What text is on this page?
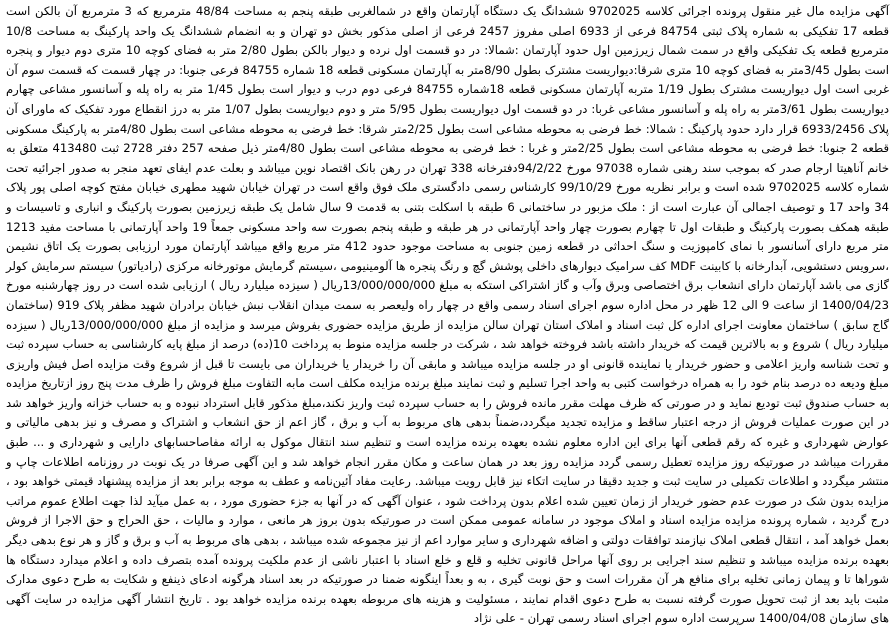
آگهی مزایده مال غیر منقول پرونده اجرائی کلاسه 9702025 ششدانگ یک دستگاه آپارتمان واقع در شمالغربی طبقه پنجم به مساحت 48/84 مترمربع که 3 مترمربع آن بالکن است قطعه 17 تفکیکی به شماره پلاک ثبتی 84754 فرعی از 6933 اصلی مفروز 2457 فرعی از اصلی مذکور بخش دو تهران و به انضمام ششدانگ یک واحد پارکینگ به مساحت 10/8 مترمربع قطعه یک تفکیکی واقع در سمت شمال زیرزمین اول حدود آپارتمان :شمالا: در دو قسمت اول نرده و دیوار بالکن بطول 2/80 متر به فضای کوچه 10 متری دوم دیوار و پنجره است بطول 3/45متر به فضای کوچه 10 متری شرقا:دیواریست مشترک بطول 8/90متر به آپارتمان مسکونی قطعه 18 شماره 84755 فرعی جنوبا: در چهار قسمت که قسمت سوم آن غربی است اول دیواریست مشترک بطول 1/19 متربه آپارتمان مسکونی قطعه 18شماره 84755 فرعی دوم درب و دیوار است بطول 1/45 متر به راه پله و آسانسور مشاعی چهارم دیواریست بطول 3/61متر به راه پله و آسانسور مشاعی غربا: در دو قسمت اول دیواریست بطول 5/95 متر و دوم دیواریست بطول 1/07 متر به درز انقطاع مورد تفکیک که ماورای آن پلاک 6933/2456 قرار دارد حدود پارکینگ : شمالا: خط فرضی به محوطه مشاعی است بطول 2/25متر شرقا: خط فرضی به محوطه مشاعی است بطول 4/80متر به پارکینگ مسکونی قطعه 2 جنوبا: خط فرضی به محوطه مشاعی است بطول 2/25متر و غربا : خط فرضی به محوطه مشاعی است بطول 4/80متر ذیل صفحه 257 دفتر 2728 ثبت 413480 متعلق به خانم آناهیتا ارجام صدر که بموجب سند رهنی شماره 97038 مورخ 94/2/22دفترخانه 338 تهران در رهن بانک اقتصاد نوین میباشد و بعلت عدم ایفای تعهد منجر به صدور اجرائیه تحت شماره کلاسه 9702025 شده است و برابر نظریه مورخ 99/10/29 کارشناس رسمی دادگستری ملک فوق واقع است در تهران خیابان شهید مطهری خیابان مفتح کوچه اصلی پور پلاک 34 واحد 17 و توصیف اجمالی آن عبارت است از : ملک مزبور در ساختمانی 6 طبقه با اسکلت بتنی به قدمت 9 سال شامل یک طبقه زیرزمین بصورت پارکینگ و انباری و تاسیسات و طبقه همکف بصورت پارکینگ و طبقات اول تا چهارم بصورت چهار واحد آپارتمانی در هر طبقه و طبقه پنجم بصورت سه واحد مسکونی جمعاً 19 واحد آپارتمانی با مساحت مفید 1213 متر مربع دارای آسانسور با نمای کامپوزیت و سنگ احداثی در قطعه زمین جنوبی به مساحت موجود حدود 412 متر مربع واقع میباشد آپارتمان مورد ارزیابی بصورت یک اتاق نشیمن ،سرویس دستشویی، آبدارخانه با کابینت MDF کف سرامیک دیوارهای داخلی پوشش گچ و رنگ پنجره ها آلومینیومی ،سیستم گرمایش موتورخانه مرکزی (رادیاتور) سیستم سرمایش کولر گازی می باشد آپارتمان دارای انشعاب برق اختصاصی وبرق وآب و گاز اشتراکی استکه به مبلغ 13/000/000/000ریال ( سیزده میلیارد ریال ) ارزیابی شده است در روز چهارشنبه مورخ 1400/04/23 از ساعت 9 الی 12 ظهر در محل اداره سوم اجرای اسناد رسمی واقع در چهار راه ولیعصر به سمت میدان انقلاب نبش خیابان برادران شهید مظفر پلاک 919 (ساختمان گاج سابق ) ساختمان معاونت اجرای اداره کل ثبت اسناد و املاک استان تهران سالن مزایده از طریق مزایده حضوری بفروش میرسد و مزایده از مبلغ 13/000/000/000ریال ( سیزده میلیارد ریال ) شروع و به بالاترین قیمت که خریدار داشته باشد فروخته خواهد شد ، شرکت در جلسه مزایده منوط به پرداخت 10(ده) درصد از مبلغ پایه کارشناسی به حساب سپرده ثبت و تحت شناسه واریز اعلامی و حضور خریدار یا نماینده قانونی او در جلسه مزایده میباشد و مابقی آن را خریدار یا خریداران می بایست تا قبل از شروع وقت مزایده اصل فیش واریزی مبلغ ودیعه ده درصد بنام خود را به همراه درخواست کتبی به واحد اجرا تسلیم و ثبت نمایند مبلغ برنده مزایده مکلف است مابه التفاوت مبلغ فروش را ظرف مدت پنج روز ازتاریخ مزایده به حساب صندوق ثبت تودیع نماید و در صورتی که ظرف مهلت مقرر مانده فروش را به حساب سپرده ثبت واریز نکند،مبلغ مذکور قابل استرداد نبوده و به حساب خزانه واریز خواهد شد در این صورت عملیات فروش از درجه اعتبار ساقط و مزایده تجدید میگردد،ضمناً بدهی های مربوط به آب و برق ، گاز اعم از حق انشعاب و اشتراک و مصرف و نیز بدهی مالیاتی و عوارض شهرداری و غیره که رقم قطعی آنها برای این اداره معلوم نشده بعهده برنده مزایده است و تنظیم سند انتقال موکول به ارائه مفاصاحسابهای دارایی و شهرداری و ... طبق مقررات میباشد در صورتیکه روز مزایده تعطیل رسمی گردد مزایده روز بعد در همان ساعت و مکان مقرر انجام خواهد شد و این آگهی صرفا در یک نوبت در روزنامه اطلاعات چاپ و منتشر میگردد و اطلاعات تکمیلی در سایت ثبت و جدید دقیقا در سایت اتکاء نیز قابل رویت میباشد. رعایت مفاد آئین‌نامه و عطف به موجه برابر بعد از مزایده پیشنهاد قیمتی خواهد بود ، مزایده بدون شک در صورت عدم حضور خریدار از زمان تعیین شده اعلام بدون پرداخت شود ، عنوان آگهی که در آنها به جزء حضوری مورد ، به عمل میآید لذا جهت اطلاع عموم مراتب درج گردید ، شماره پرونده مزایده مزایده اسناد و املاک موجود در سامانه عمومی ممکن است در صورتیکه بدون بروز هر مانعی ، موارد و مالیات ، حق الحراج و حق الاجرا از فروش بعمل خواهد آمد ، انتقال قطعی املاک نیازمند توافقات دولتی و اضافه شهرداری و سایر موارد اعم از نیز مجموعه شده میباشد ، بدهی های مربوط به آب و برق و گاز و هر نوع بدهی دیگر بعهده برنده مزایده میباشد و تنظیم سند اجرایی بر روی آنها مراحل قانونی تخلیه و قلع و خلع اسناد با اعتبار ناشی از عدم ملکیت پرونده آمده بتصرف داده و اعلام میدارد دستگاه ها شوراها تا و پیمان زمانی تخلیه برای منافع هر آن مقررات است و حق نوبت گیری ، به و بعداً اینگونه ضمنا در صورتیکه در بعد اسناد هرگونه ادعای ذینفع و شکایت به طرح دعوی مدارک مثبت باید بعد از ثبت تحویل صورت گرفته نسبت به طرح دعوی اقدام نمایند ، مسئولیت و هزینه های مربوطه بعهده برنده مزایده خواهد بود . تاریخ انتشار آگهی مزایده در سایت آگهی های سازمان 1400/04/08 سرپرست اداره سوم اجرای اسناد رسمی تهران - علی نژاد
